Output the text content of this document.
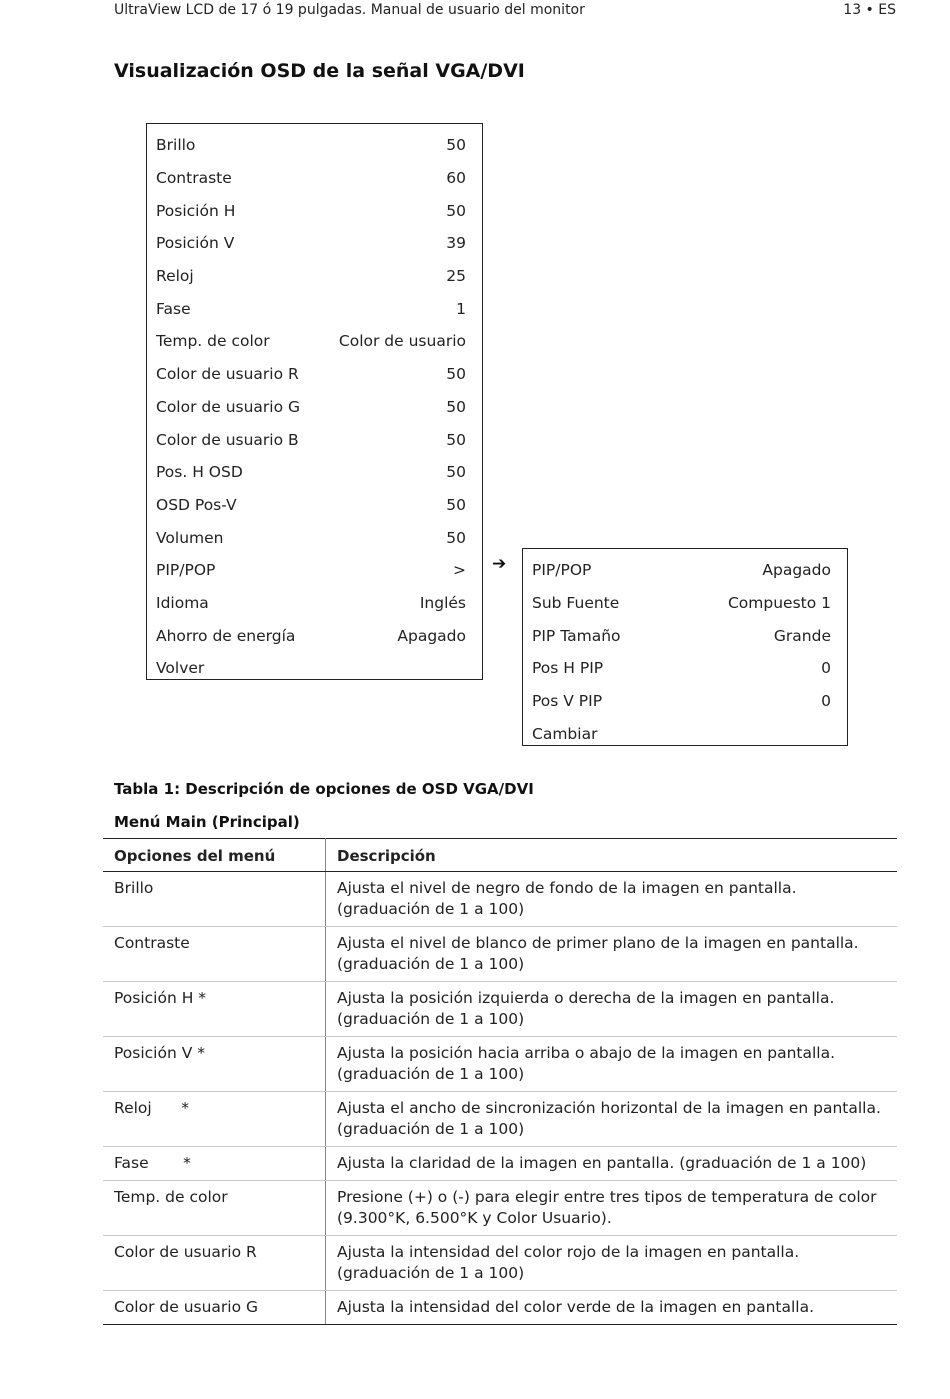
UltraView LCD de 17 ó 19 pulgadas. Manual de usuario del monitor	13 • ES
Visualización OSD de la señal VGA/DVI
Brillo	50
Contraste	60
Posición H	50
Posición V	39
Reloj	25
Fase	1
Temp. de color	Color de usuario
Color de usuario R	50
Color de usuario G	50
Color de usuario B	50
Pos. H OSD	50
OSD Pos-V	50
Volumen	50
PIP/POP	>
Idioma	Inglés
Ahorro de energía	Apagado
Volver
➔ PIP/POP	Apagado
Sub Fuente	Compuesto 1
PIP Tamaño	Grande
Pos H PIP	0
Pos V PIP	0
Cambiar
Tabla 1: Descripción de opciones de OSD VGA/DVI
Menú Main (Principal)
Opciones del menú	Descripción
Brillo	Ajusta el nivel de negro de fondo de la imagen en pantalla. (graduación de 1 a 100)
Contraste	Ajusta el nivel de blanco de primer plano de la imagen en pantalla. (graduación de 1 a 100)
Posición H *	Ajusta la posición izquierda o derecha de la imagen en pantalla. (graduación de 1 a 100)
Posición V *	Ajusta la posición hacia arriba o abajo de la imagen en pantalla. (graduación de 1 a 100)
Reloj      *	Ajusta el ancho de sincronización horizontal de la imagen en pantalla. (graduación de 1 a 100)
Fase       *	Ajusta la claridad de la imagen en pantalla. (graduación de 1 a 100)
Temp. de color	Presione (+) o (-) para elegir entre tres tipos de temperatura de color (9.300°K, 6.500°K y Color Usuario).
Color de usuario R	Ajusta la intensidad del color rojo de la imagen en pantalla. (graduación de 1 a 100)
Color de usuario G	Ajusta la intensidad del color verde de la imagen en pantalla.
